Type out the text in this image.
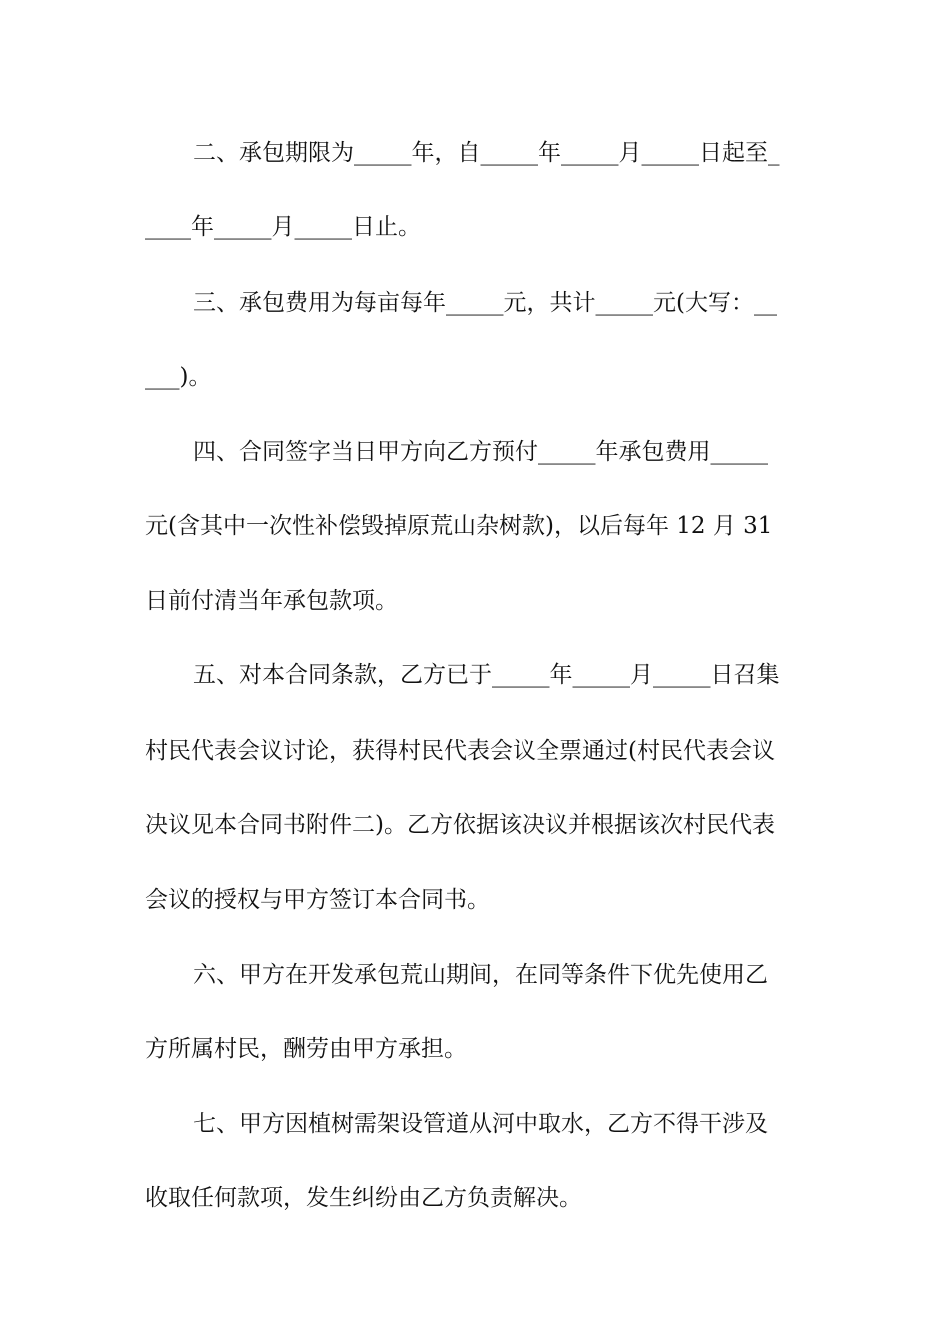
二、承包期限为_____年，自_____年_____月_____日起至_
____年_____月_____日止。
三、承包费用为每亩每年_____元，共计_____元(大写：__
___)。
四、合同签字当日甲方向乙方预付_____年承包费用_____
元(含其中一次性补偿毁掉原荒山杂树款)，以后每年 12 月 31
日前付清当年承包款项。
五、对本合同条款，乙方已于_____年_____月_____日召集
村民代表会议讨论，获得村民代表会议全票通过(村民代表会议
决议见本合同书附件二)。乙方依据该决议并根据该次村民代表
会议的授权与甲方签订本合同书。
六、甲方在开发承包荒山期间，在同等条件下优先使用乙
方所属村民，酬劳由甲方承担。
七、甲方因植树需架设管道从河中取水，乙方不得干涉及
收取任何款项，发生纠纷由乙方负责解决。
